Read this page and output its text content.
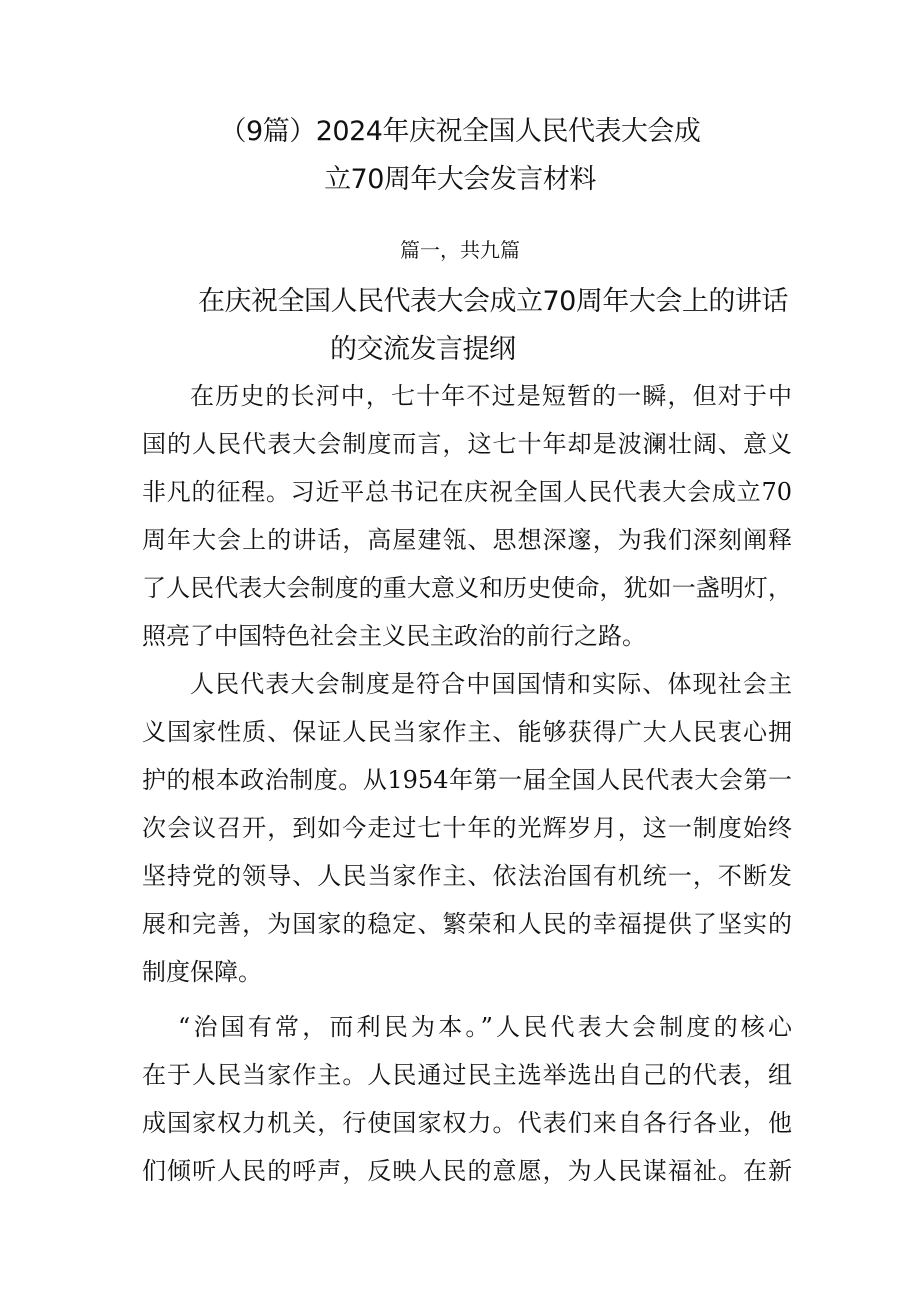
（9篇）2024年庆祝全国人民代表大会成
立70周年大会发言材料
篇一，共九篇
在庆祝全国人民代表大会成立70周年大会上的讲话
的交流发言提纲
在历史的长河中，七十年不过是短暂的一瞬，但对于中
国的人民代表大会制度而言，这七十年却是波澜壮阔、意义
非凡的征程。习近平总书记在庆祝全国人民代表大会成立70
周年大会上的讲话，高屋建瓴、思想深邃，为我们深刻阐释
了人民代表大会制度的重大意义和历史使命，犹如一盏明灯，
照亮了中国特色社会主义民主政治的前行之路。
人民代表大会制度是符合中国国情和实际、体现社会主
义国家性质、保证人民当家作主、能够获得广大人民衷心拥
护的根本政治制度。从1954年第一届全国人民代表大会第一
次会议召开，到如今走过七十年的光辉岁月，这一制度始终
坚持党的领导、人民当家作主、依法治国有机统一，不断发
展和完善，为国家的稳定、繁荣和人民的幸福提供了坚实的
制度保障。
“治国有常，而利民为本。”人民代表大会制度的核心
在于人民当家作主。人民通过民主选举选出自己的代表，组
成国家权力机关，行使国家权力。代表们来自各行各业，他
们倾听人民的呼声，反映人民的意愿，为人民谋福祉。在新
